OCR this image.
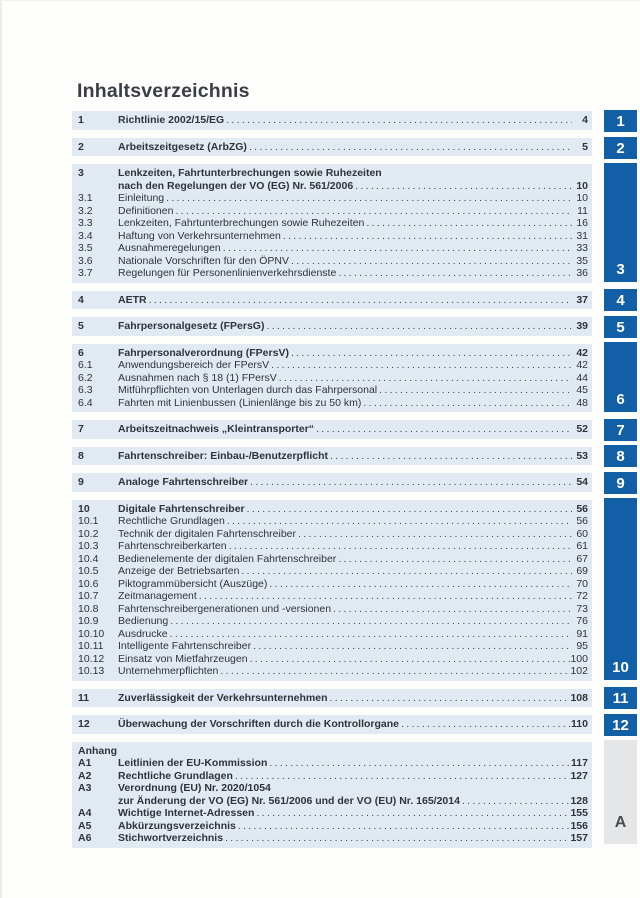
Inhaltsverzeichnis
1	Richtlinie 2002/15/EG .....	4
2	Arbeitszeitgesetz (ArbZG) .....	5
3	Lenkzeiten, Fahrtunterbrechungen sowie Ruhezeiten
nach den Regelungen der VO (EG) Nr. 561/2006 .....	10
3.1	Einleitung .....	10
3.2	Definitionen .....	11
3.3	Lenkzeiten, Fahrtunterbrechungen sowie Ruhezeiten .....	16
3.4	Haftung von Verkehrsunternehmen .....	31
3.5	Ausnahmeregelungen .....	33
3.6	Nationale Vorschriften für den ÖPNV .....	35
3.7	Regelungen für Personenlinienverkehrsdienste .....	36
4	AETR .....	37
5	Fahrpersonalgesetz (FPersG) .....	39
6	Fahrpersonalverordnung (FPersV) .....	42
6.1	Anwendungsbereich der FPersV .....	42
6.2	Ausnahmen nach § 18 (1) FPersV .....	44
6.3	Mitführpflichten von Unterlagen durch das Fahrpersonal .....	45
6.4	Fahrten mit Linienbussen (Linienlänge bis zu 50 km) .....	48
7	Arbeitszeitnachweis „Kleintransporter“ .....	52
8	Fahrtenschreiber: Einbau-/Benutzerpflicht .....	53
9	Analoge Fahrtenschreiber .....	54
10	Digitale Fahrtenschreiber .....	56
10.1	Rechtliche Grundlagen .....	56
10.2	Technik der digitalen Fahrtenschreiber .....	60
10.3	Fahrtenschreiberkarten .....	61
10.4	Bedienelemente der digitalen Fahrtenschreiber .....	67
10.5	Anzeige der Betriebsarten .....	69
10.6	Piktogrammübersicht (Auszüge) .....	70
10.7	Zeitmanagement .....	72
10.8	Fahrtenschreibergenerationen und -versionen .....	73
10.9	Bedienung .....	76
10.10	Ausdrucke .....	91
10.11	Intelligente Fahrtenschreiber .....	95
10.12	Einsatz von Mietfahrzeugen .....	100
10.13	Unternehmerpflichten .....	102
11	Zuverlässigkeit der Verkehrsunternehmen .....	108
12	Überwachung der Vorschriften durch die Kontrollorgane .....	110
Anhang
A1	Leitlinien der EU-Kommission .....	117
A2	Rechtliche Grundlagen .....	127
A3	Verordnung (EU) Nr. 2020/1054
zur Änderung der VO (EG) Nr. 561/2006 und der VO (EU) Nr. 165/2014 .....	128
A4	Wichtige Internet-Adressen .....	155
A5	Abkürzungsverzeichnis .....	156
A6	Stichwortverzeichnis .....	157
1
2
3
4
5
6
7
8
9
10
11
12
A
